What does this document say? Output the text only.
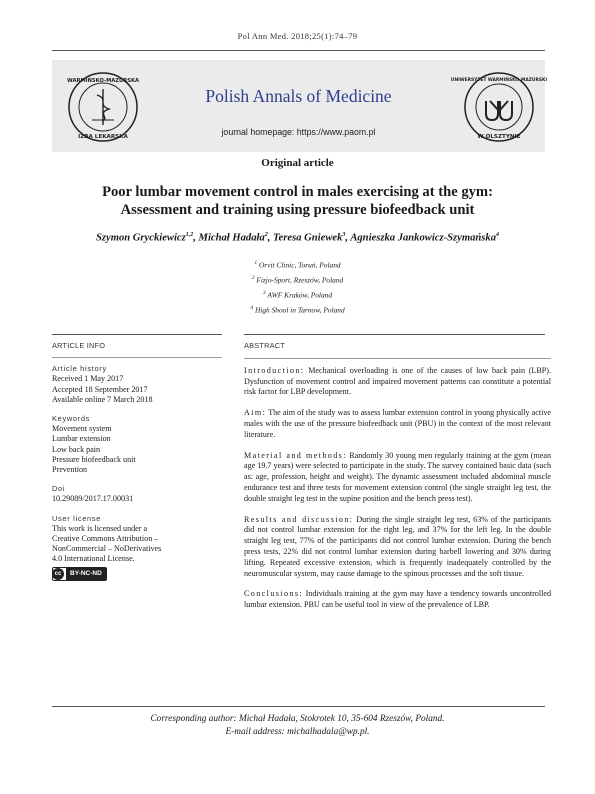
Pol Ann Med. 2018;25(1):74–79
WARMIŃSKO-MAZURSKA
IZBA LEKARSKA
Polish Annals of Medicine
journal homepage: https://www.paom.pl
UNIWERSYTET WARMIŃSKO-MAZURSKI
W OLSZTYNIE
Original article
Poor lumbar movement control in males exercising at the gym:
Assessment and training using pressure biofeedback unit
Szymon Gryckiewicz$^{1,2}$, Michał Hadała$^2$, Teresa Gniewek$^3$, Agnieszka Jankowicz-Szymańska$^4$
$^1$ Orvit Clinic, Toruń, Poland
$^2$ Fizjo-Sport, Rzeszów, Poland
$^3$ AWF Kraków, Poland
$^4$ High Shool in Tarnow, Poland
ARTICLE INFO
Article history
Received 1 May 2017
Accepted 18 September 2017
Available online 7 March 2018
Keywords
Movement system
Lumbar extension
Low back pain
Pressure biofeedback unit
Prevention
Doi
10.29089/2017.17.00031
User license
This work is licensed under a
Creative Commons Attribution –
NonCommercial – NoDerivatives
4.0 International License.
cc	BY-NC-ND
ABSTRACT

Introduction: Mechanical overloading is one of the causes of low back pain (LBP). Dysfunction of movement control and impaired movement patterns can constitute a potential risk factor for LBP development.

Aim: The aim of the study was to assess lumbar extension control in young physically active males with the use of the pressure biofeedback unit (PBU) in the context of the most relevant literature.

Material and methods: Randomly 30 young men regularly training at the gym (mean age 19.7 years) were selected to participate in the study. The survey contained basic data (such as: age, profession, height and weight). The dynamic assessment included abdominal muscle endurance test and three tests for movement extension control (the single straight leg test, the double straight leg test in the supine position and the bench press test).

Results and discussion: During the single straight leg test, 63% of the participants did not control lumbar extension for the right leg, and 37% for the left leg. In the double straight leg test, 77% of the participants did not control lumbar extension. During the bench press tests, 22% did not control lumbar extension during barbell lowering and 30% during lifting. Repeated excessive extension, which is frequently inadequately controlled by the neuromuscular system, may cause damage to the spinous processes and the soft tissue.

Conclusions: Individuals training at the gym may have a tendency towards uncontrolled lumbar extension. PBU can be useful tool in view of the prevalence of LBP.

Corresponding author: Michał Hadała, Stokrotek 10, 35-604 Rzeszów, Poland.
E-mail address: michalhadala@wp.pl.
